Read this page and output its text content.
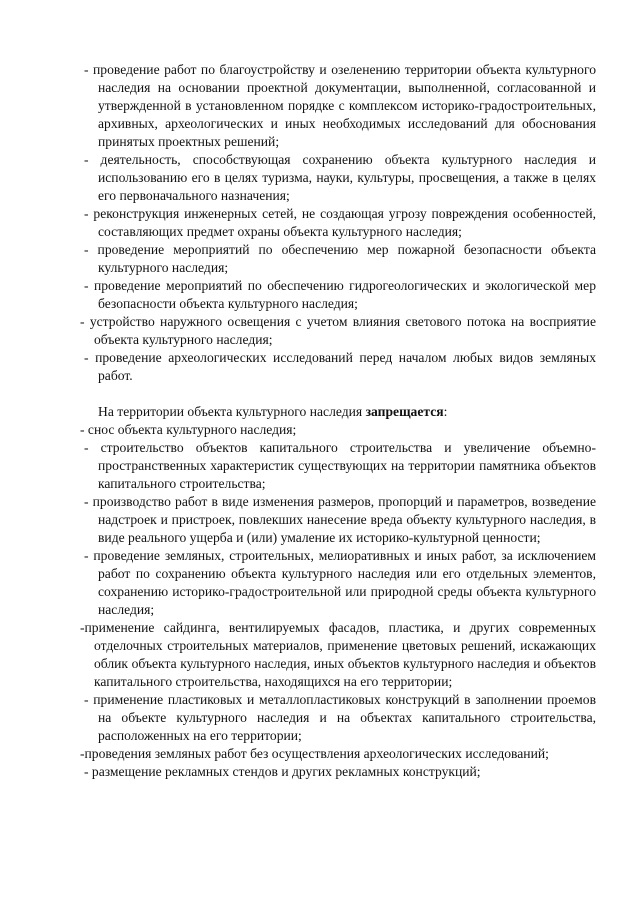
- проведение работ по благоустройству и озеленению территории объекта культурного наследия на основании проектной документации, выполненной, согласованной и утвержденной в установленном порядке с комплексом историко-градостроительных, архивных, археологических и иных необходимых исследований для обоснования принятых проектных решений;

- деятельность, способствующая сохранению объекта культурного наследия и использованию его в целях туризма, науки, культуры, просвещения, а также в целях его первоначального назначения;

- реконструкция инженерных сетей, не создающая угрозу повреждения особенностей, составляющих предмет охраны объекта культурного наследия;

- проведение мероприятий по обеспечению мер пожарной безопасности объекта культурного наследия;

- проведение мероприятий по обеспечению гидрогеологических и экологической мер безопасности объекта культурного наследия;

- устройство наружного освещения с учетом влияния светового потока на восприятие объекта культурного наследия;

- проведение археологических исследований перед началом любых видов земляных работ.

На территории объекта культурного наследия запрещается:

- снос объекта культурного наследия;

- строительство объектов капитального строительства и увеличение объемно-пространственных характеристик существующих на территории памятника объектов капитального строительства;

- производство работ в виде изменения размеров, пропорций и параметров, возведение надстроек и пристроек, повлекших нанесение вреда объекту культурного наследия, в виде реального ущерба и (или) умаление их историко-культурной ценности;

- проведение земляных, строительных, мелиоративных и иных работ, за исключением работ по сохранению объекта культурного наследия или его отдельных элементов, сохранению историко-градостроительной или природной среды объекта культурного наследия;

-применение сайдинга, вентилируемых фасадов, пластика, и других современных отделочных строительных материалов, применение цветовых решений, искажающих облик объекта культурного наследия, иных объектов культурного наследия и объектов капитального строительства, находящихся на его территории;

- применение пластиковых и металлопластиковых конструкций в заполнении проемов на объекте культурного наследия и на объектах капитального строительства, расположенных на его территории;

-проведения земляных работ без осуществления археологических исследований;

- размещение рекламных стендов и других рекламных конструкций;
